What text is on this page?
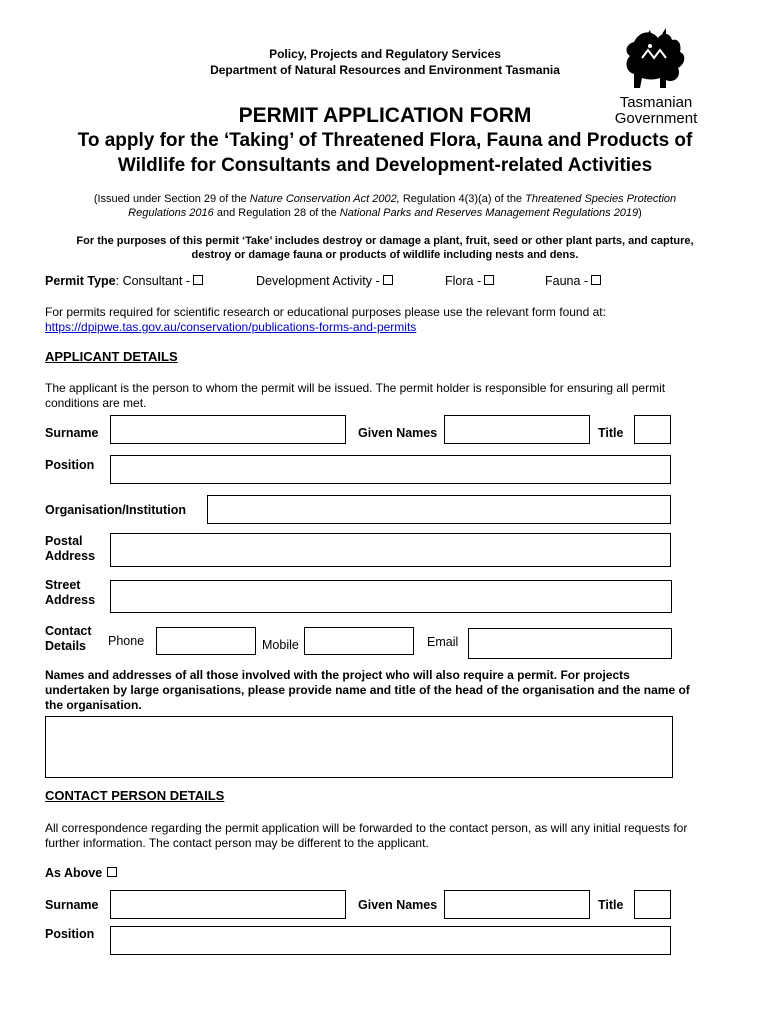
Policy, Projects and Regulatory Services
Department of Natural Resources and Environment Tasmania
Tasmanian
Government
PERMIT APPLICATION FORM
To apply for the ‘Taking’ of Threatened Flora, Fauna and Products of
Wildlife for Consultants and Development-related Activities
(Issued under Section 29 of the Nature Conservation Act 2002, Regulation 4(3)(a) of the Threatened Species Protection
Regulations 2016 and Regulation 28 of the National Parks and Reserves Management Regulations 2019)
For the purposes of this permit ‘Take’ includes destroy or damage a plant, fruit, seed or other plant parts, and capture,
destroy or damage fauna or products of wildlife including nests and dens.
Permit Type: Consultant -	Development Activity -	Flora -	Fauna -
For permits required for scientific research or educational purposes please use the relevant form found at:
https://dpipwe.tas.gov.au/conservation/publications-forms-and-permits
APPLICANT DETAILS
The applicant is the person to whom the permit will be issued. The permit holder is responsible for ensuring all permit
conditions are met.
Surname	Given Names	Title
Position
Organisation/Institution
Postal
Address
Street
Address
Contact
Details	Phone	Mobile	Email
Names and addresses of all those involved with the project who will also require a permit. For projects
undertaken by large organisations, please provide name and title of the head of the organisation and the name of
the organisation.
CONTACT PERSON DETAILS
All correspondence regarding the permit application will be forwarded to the contact person, as will any initial requests for
further information. The contact person may be different to the applicant.
As Above
Surname	Given Names	Title
Position
